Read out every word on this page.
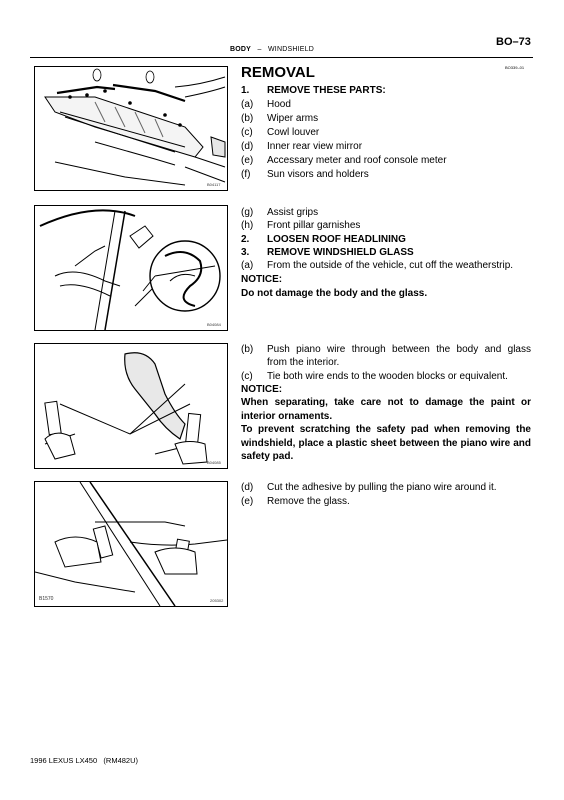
BODY – WINDSHIELD
BO–73
BO339–01
B04117
B04084
B04085
B1570	205302
REMOVAL
1. REMOVE THESE PARTS:
(a) Hood
(b) Wiper arms
(c) Cowl louver
(d) Inner rear view mirror
(e) Accessary meter and roof console meter
(f) Sun visors and holders
(g) Assist grips
(h) Front pillar garnishes
2. LOOSEN ROOF HEADLINING
3. REMOVE WINDSHIELD GLASS
(a) From the outside of the vehicle, cut off the weatherstrip.
NOTICE:
Do not damage the body and the glass.
(b) Push piano wire through between the body and glass
from the interior.
(c) Tie both wire ends to the wooden blocks or equivalent.
NOTICE:
When separating, take care not to damage the paint or interior ornaments.
To prevent scratching the safety pad when removing the windshield, place a plastic sheet between the piano wire and safety pad.
(d) Cut the adhesive by pulling the piano wire around it.
(e) Remove the glass.
1996 LEXUS LX450 (RM482U)
